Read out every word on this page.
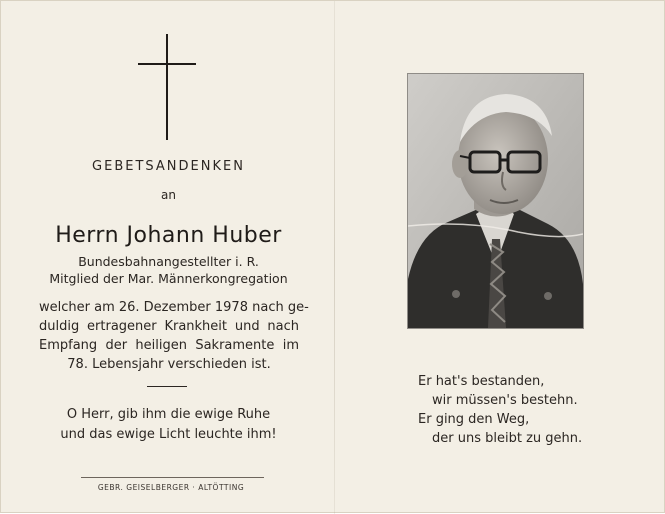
GEBETSANDENKEN
an
Herrn Johann Huber
Bundesbahnangestellter i. R.
Mitglied der Mar. Männerkongregation
welcher am 26. Dezember 1978 nach ge-
duldig ertragener Krankheit und nach
Empfang der heiligen Sakramente im
78. Lebensjahr verschieden ist.
O Herr, gib ihm die ewige Ruhe
und das ewige Licht leuchte ihm!
GEBR. GEISELBERGER · ALTÖTTING
Er hat's bestanden,
wir müssen's bestehn.
Er ging den Weg,
der uns bleibt zu gehn.
